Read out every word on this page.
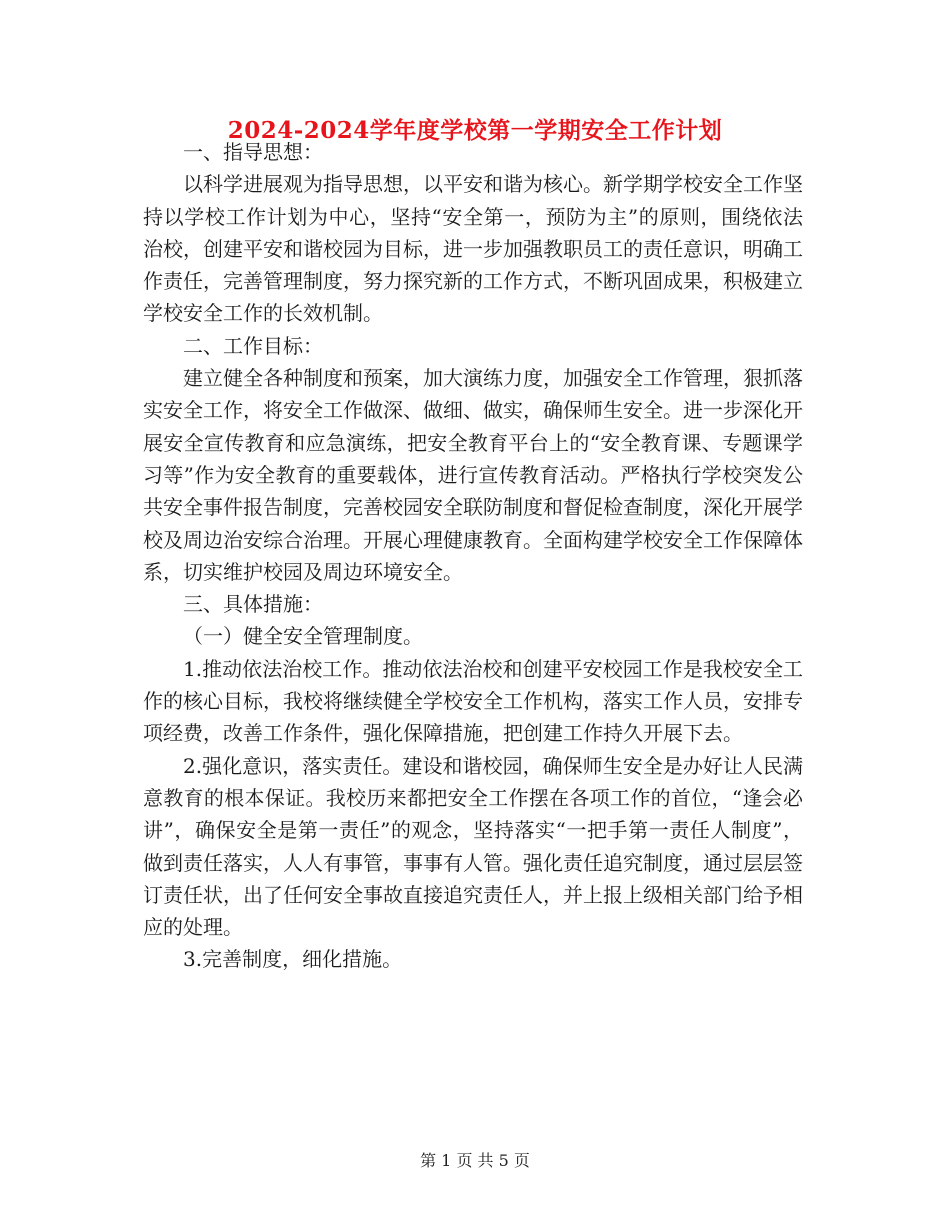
2024-2024学年度学校第一学期安全工作计划

一、指导思想：

以科学进展观为指导思想，以平安和谐为核心。新学期学校安全工作坚持以学校工作计划为中心，坚持“安全第一，预防为主”的原则，围绕依法治校，创建平安和谐校园为目标，进一步加强教职员工的责任意识，明确工作责任，完善管理制度，努力探究新的工作方式，不断巩固成果，积极建立学校安全工作的长效机制。

二、工作目标：

建立健全各种制度和预案，加大演练力度，加强安全工作管理，狠抓落实安全工作，将安全工作做深、做细、做实，确保师生安全。进一步深化开展安全宣传教育和应急演练，把安全教育平台上的“安全教育课、专题课学习等”作为安全教育的重要载体，进行宣传教育活动。严格执行学校突发公共安全事件报告制度，完善校园安全联防制度和督促检查制度，深化开展学校及周边治安综合治理。开展心理健康教育。全面构建学校安全工作保障体系，切实维护校园及周边环境安全。

三、具体措施：

（一）健全安全管理制度。

1.推动依法治校工作。推动依法治校和创建平安校园工作是我校安全工作的核心目标，我校将继续健全学校安全工作机构，落实工作人员，安排专项经费，改善工作条件，强化保障措施，把创建工作持久开展下去。

2.强化意识，落实责任。建设和谐校园，确保师生安全是办好让人民满意教育的根本保证。我校历来都把安全工作摆在各项工作的首位，“逢会必讲”，确保安全是第一责任”的观念，坚持落实“一把手第一责任人制度”，做到责任落实，人人有事管，事事有人管。强化责任追究制度，通过层层签订责任状，出了任何安全事故直接追究责任人，并上报上级相关部门给予相应的处理。

3.完善制度，细化措施。

第 1 页 共 5 页
